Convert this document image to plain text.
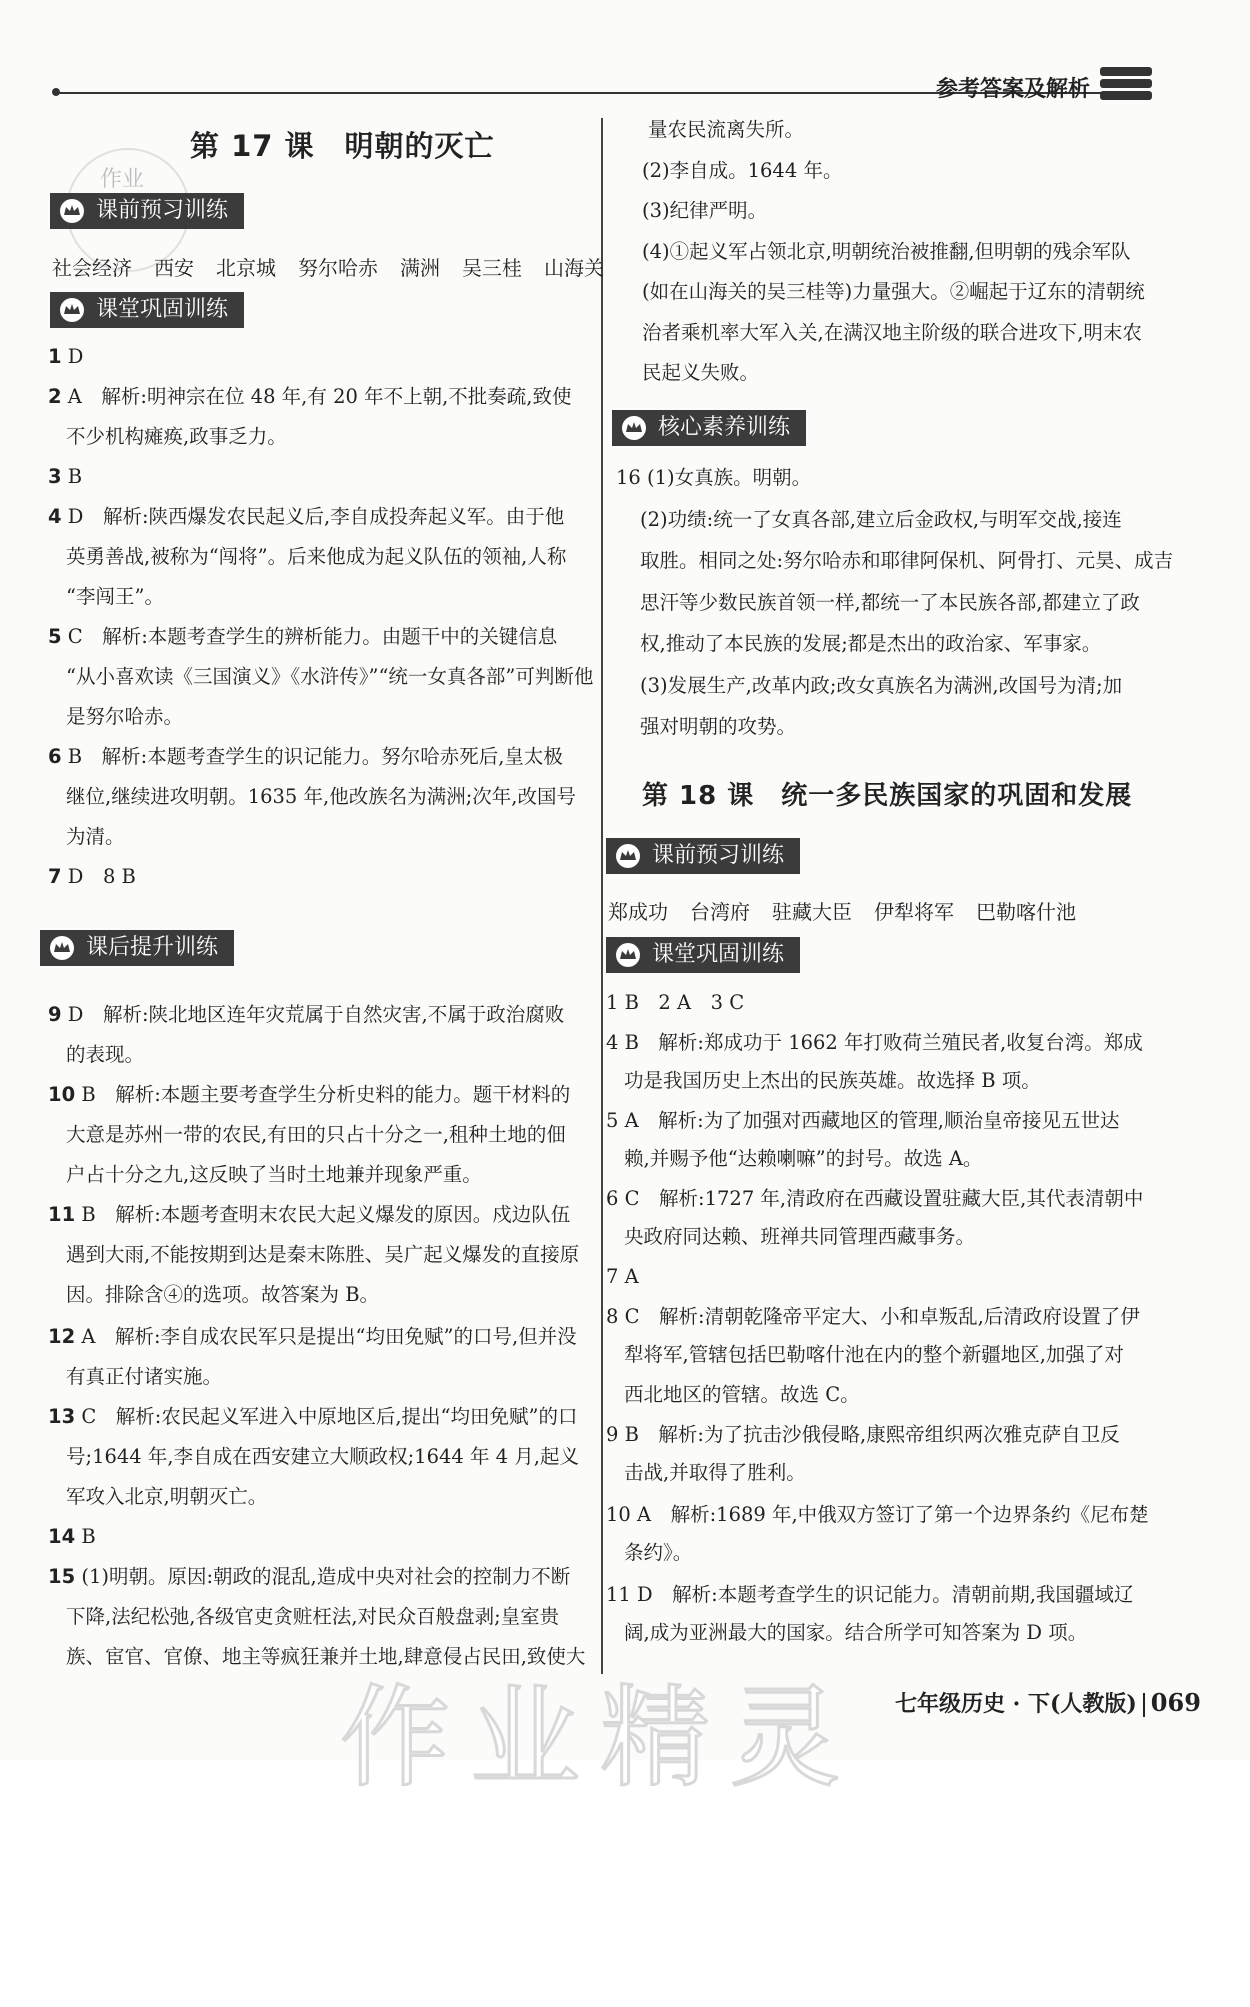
参考答案及解析
作业
第 17 课　明朝的灭亡
课前预习训练
社会经济 西安 北京城 努尔哈赤 满洲 吴三桂 山海关
课堂巩固训练
1 D　
2 A　 解析:明神宗在位 48 年,有 20 年不上朝,不批奏疏,致使
不少机构瘫痪,政事乏力。
3 B　
4 D　 解析:陕西爆发农民起义后,李自成投奔起义军。由于他
英勇善战,被称为“闯将”。后来他成为起义队伍的领袖,人称
“李闯王”。
5 C　 解析:本题考查学生的辨析能力。由题干中的关键信息
“从小喜欢读《三国演义》《水浒传》”“统一女真各部”可判断他
是努尔哈赤。
6 B　 解析:本题考查学生的识记能力。努尔哈赤死后,皇太极
继位,继续进攻明朝。1635 年,他改族名为满洲;次年,改国号
为清。
7 D　 8 B
9 D　 解析:陕北地区连年灾荒属于自然灾害,不属于政治腐败
的表现。
10 B　 解析:本题主要考查学生分析史料的能力。题干材料的
大意是苏州一带的农民,有田的只占十分之一,租种土地的佃
户占十分之九,这反映了当时土地兼并现象严重。
11 B　 解析:本题考查明末农民大起义爆发的原因。戍边队伍
遇到大雨,不能按期到达是秦末陈胜、吴广起义爆发的直接原
因。排除含④的选项。故答案为 B。
12 A　 解析:李自成农民军只是提出“均田免赋”的口号,但并没
有真正付诸实施。
13 C　 解析:农民起义军进入中原地区后,提出“均田免赋”的口
号;1644 年,李自成在西安建立大顺政权;1644 年 4 月,起义
军攻入北京,明朝灭亡。
14 B　
15 (1)明朝。原因:朝政的混乱,造成中央对社会的控制力不断
下降,法纪松弛,各级官吏贪赃枉法,对民众百般盘剥;皇室贵
族、宦官、官僚、地主等疯狂兼并土地,肆意侵占民田,致使大
课后提升训练
量农民流离失所。
(2)李自成。1644 年。
(3)纪律严明。
(4)①起义军占领北京,明朝统治被推翻,但明朝的残余军队
(如在山海关的吴三桂等)力量强大。②崛起于辽东的清朝统
治者乘机率大军入关,在满汉地主阶级的联合进攻下,明末农
民起义失败。
核心素养训练
16 (1)女真族。明朝。
(2)功绩:统一了女真各部,建立后金政权,与明军交战,接连
取胜。相同之处:努尔哈赤和耶律阿保机、阿骨打、元昊、成吉
思汗等少数民族首领一样,都统一了本民族各部,都建立了政
权,推动了本民族的发展;都是杰出的政治家、军事家。
(3)发展生产,改革内政;改女真族名为满洲,改国号为清;加
强对明朝的攻势。
第 18 课　统一多民族国家的巩固和发展
课前预习训练
郑成功 台湾府 驻藏大臣 伊犁将军 巴勒喀什池
课堂巩固训练
1 B　2 A　3 C
4 B　解析:郑成功于 1662 年打败荷兰殖民者,收复台湾。郑成
功是我国历史上杰出的民族英雄。故选择 B 项。
5 A　解析:为了加强对西藏地区的管理,顺治皇帝接见五世达
赖,并赐予他“达赖喇嘛”的封号。故选 A。
6 C　解析:1727 年,清政府在西藏设置驻藏大臣,其代表清朝中
央政府同达赖、班禅共同管理西藏事务。
7 A
8 C　解析:清朝乾隆帝平定大、小和卓叛乱,后清政府设置了伊
犁将军,管辖包括巴勒喀什池在内的整个新疆地区,加强了对
西北地区的管辖。故选 C。
9 B　解析:为了抗击沙俄侵略,康熙帝组织两次雅克萨自卫反
击战,并取得了胜利。
10 A　解析:1689 年,中俄双方签订了第一个边界条约《尼布楚
条约》。
11 D　解析:本题考查学生的识记能力。清朝前期,我国疆域辽
阔,成为亚洲最大的国家。结合所学可知答案为 D 项。
七年级历史 · 下(人教版) 069
作业精灵
